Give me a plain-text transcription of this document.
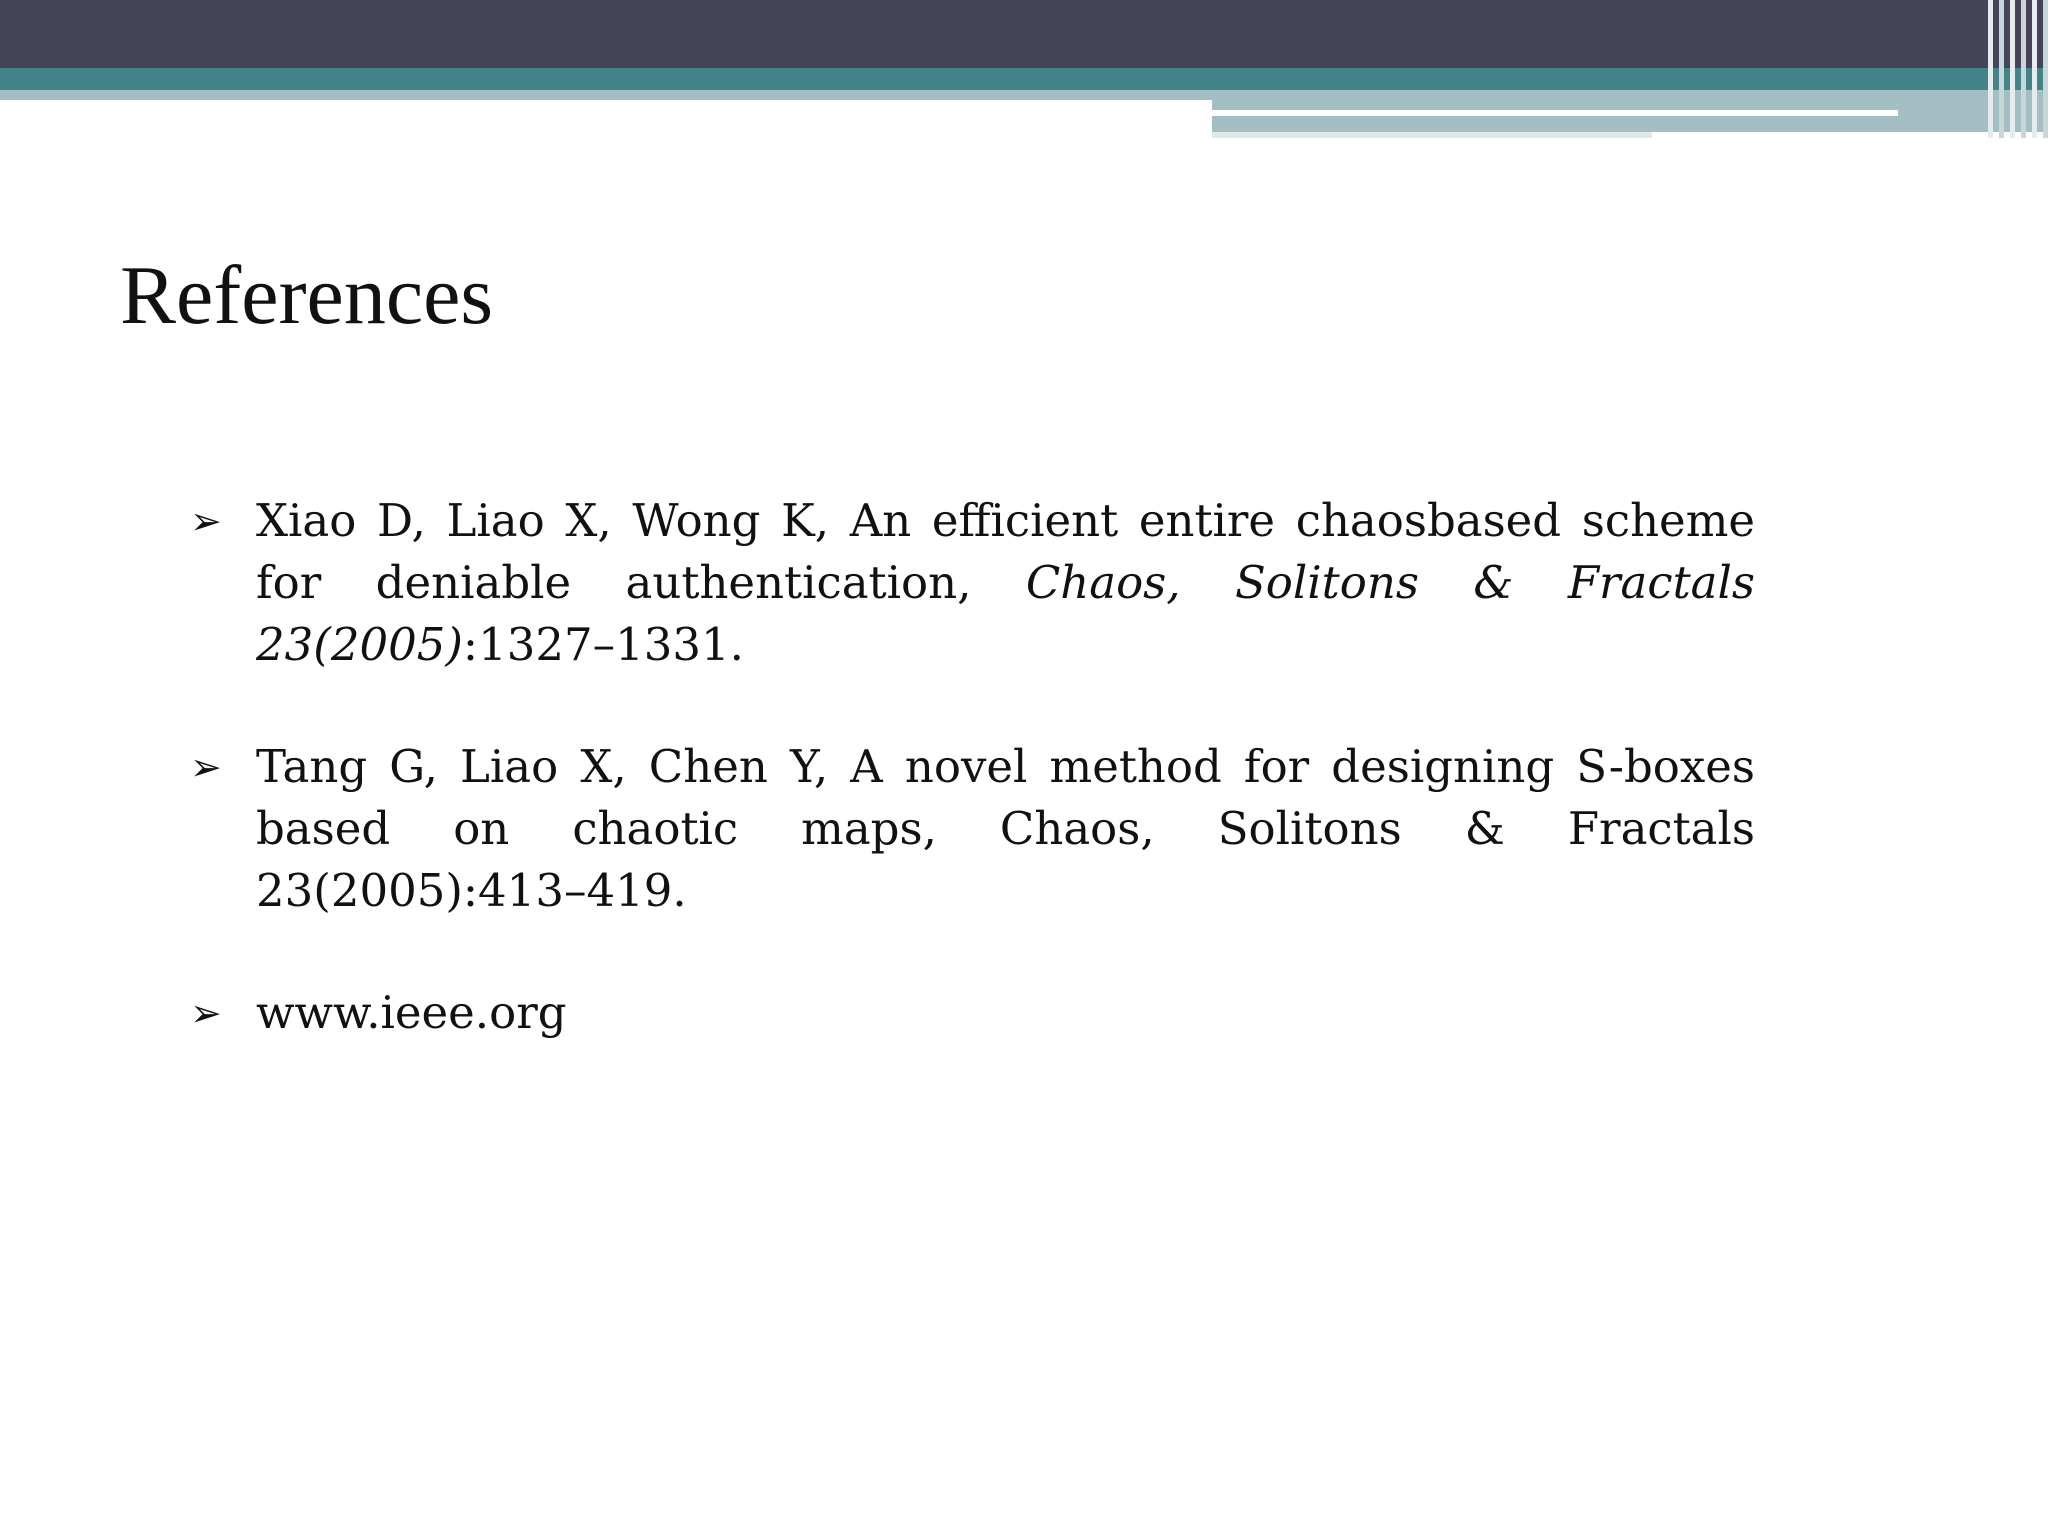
References
➢ Xiao D, Liao X, Wong K, An efficient entire chaosbased scheme for deniable authentication, Chaos, Solitons & Fractals 23(2005):1327–1331.
➢ Tang G, Liao X, Chen Y, A novel method for designing S-boxes based on chaotic maps, Chaos, Solitons & Fractals 23(2005):413–419.
➢ www.ieee.org
